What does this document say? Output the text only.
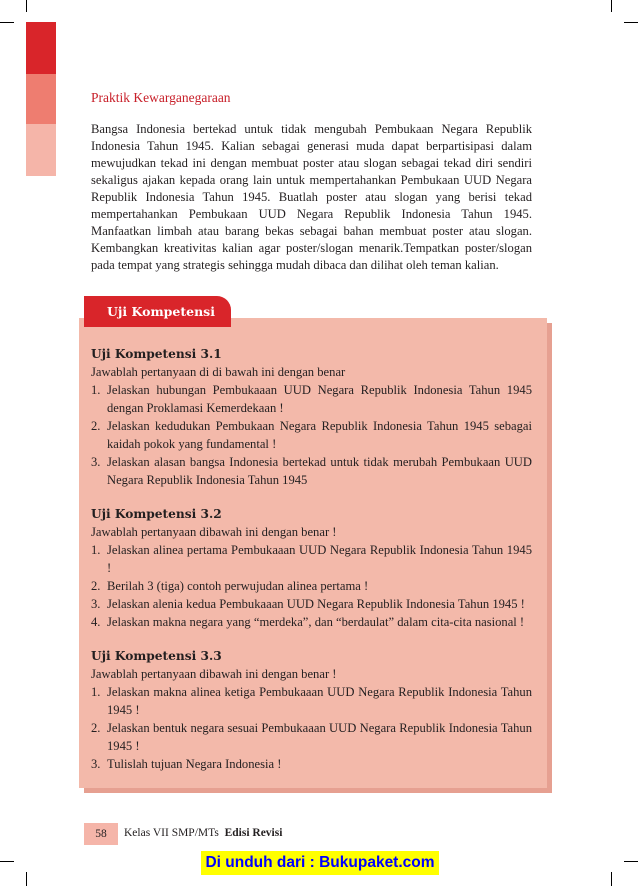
Praktik Kewarganegaraan

Bangsa Indonesia bertekad untuk tidak mengubah Pembukaan Negara Republik Indonesia Tahun 1945. Kalian sebagai generasi muda dapat berpartisipasi dalam mewujudkan tekad ini dengan membuat poster atau slogan sebagai tekad diri sendiri sekaligus ajakan kepada orang lain untuk mempertahankan Pembukaan UUD Negara Republik Indonesia Tahun 1945. Buatlah poster atau slogan yang berisi tekad mempertahankan Pembukaan UUD Negara Republik Indonesia Tahun 1945. Manfaatkan limbah atau barang bekas sebagai bahan membuat poster atau slogan. Kembangkan kreativitas kalian agar poster/slogan menarik.Tempatkan poster/slogan pada tempat yang strategis sehingga mudah dibaca dan dilihat oleh teman kalian.

Uji Kompetensi
Uji Kompetensi 3.1
Jawablah pertanyaan di di bawah ini dengan benar
1. Jelaskan hubungan Pembukaaan UUD Negara Republik Indonesia Tahun 1945 dengan Proklamasi Kemerdekaan !
2. Jelaskan kedudukan Pembukaan Negara Republik Indonesia Tahun 1945 sebagai kaidah pokok yang fundamental !
3. Jelaskan alasan bangsa Indonesia bertekad untuk tidak merubah Pembukaan UUD Negara Republik Indonesia Tahun 1945
Uji Kompetensi 3.2
Jawablah pertanyaan dibawah ini dengan benar !
1. Jelaskan alinea pertama Pembukaaan UUD Negara Republik Indonesia Tahun 1945 !
2. Berilah 3 (tiga) contoh perwujudan alinea pertama !
3. Jelaskan alenia kedua Pembukaaan UUD Negara Republik Indonesia Tahun 1945 !
4. Jelaskan makna negara yang “merdeka”, dan “berdaulat” dalam cita-cita nasional !
Uji Kompetensi 3.3
Jawablah pertanyaan dibawah ini dengan benar !
1. Jelaskan makna alinea ketiga Pembukaaan UUD Negara Republik Indonesia Tahun 1945 !
2. Jelaskan bentuk negara sesuai Pembukaaan UUD Negara Republik Indonesia Tahun 1945 !
3. Tulislah tujuan Negara Indonesia !
58	Kelas VII SMP/MTs Edisi Revisi
Di unduh dari : Bukupaket.com
